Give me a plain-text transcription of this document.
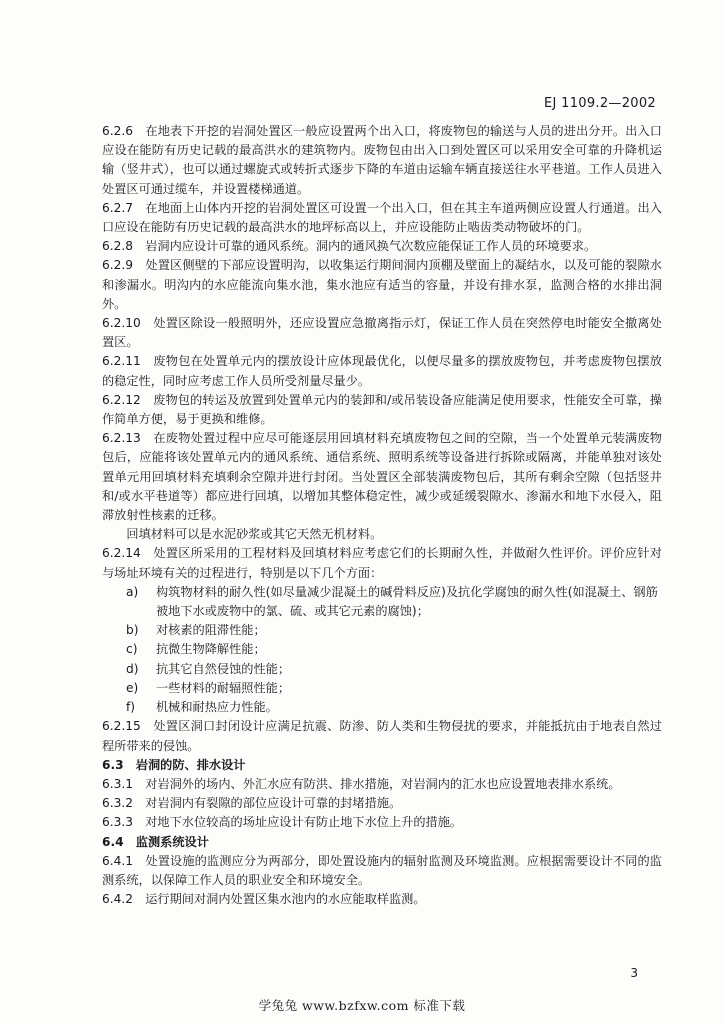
EJ 1109.2—2002

6.2.6　在地表下开挖的岩洞处置区一般应设置两个出入口，将废物包的输送与人员的进出分开。出入口应设在能防有历史记载的最高洪水的建筑物内。废物包由出入口到处置区可以采用安全可靠的升降机运输（竖井式），也可以通过螺旋式或转折式逐步下降的车道由运输车辆直接送往水平巷道。工作人员进入处置区可通过缆车，并设置楼梯通道。

6.2.7　在地面上山体内开挖的岩洞处置区可设置一个出入口，但在其主车道两侧应设置人行通道。出入口应设在能防有历史记载的最高洪水的地坪标高以上，并应设能防止啮齿类动物破坏的门。

6.2.8　岩洞内应设计可靠的通风系统。洞内的通风换气次数应能保证工作人员的环境要求。

6.2.9　处置区侧壁的下部应设置明沟，以收集运行期间洞内顶棚及壁面上的凝结水，以及可能的裂隙水和渗漏水。明沟内的水应能流向集水池，集水池应有适当的容量，并设有排水泵，监测合格的水排出洞外。

6.2.10　处置区除设一般照明外，还应设置应急撤离指示灯，保证工作人员在突然停电时能安全撤离处置区。

6.2.11　废物包在处置单元内的摆放设计应体现最优化，以便尽量多的摆放废物包，并考虑废物包摆放的稳定性，同时应考虑工作人员所受剂量尽量少。

6.2.12　废物包的转运及放置到处置单元内的装卸和/或吊装设备应能满足使用要求，性能安全可靠，操作简单方便，易于更换和维修。

6.2.13　在废物处置过程中应尽可能逐层用回填材料充填废物包之间的空隙，当一个处置单元装满废物包后，应能将该处置单元内的通风系统、通信系统、照明系统等设备进行拆除或隔离，并能单独对该处置单元用回填材料充填剩余空隙并进行封闭。当处置区全部装满废物包后，其所有剩余空隙（包括竖井和/或水平巷道等）都应进行回填，以增加其整体稳定性，减少或延缓裂隙水、渗漏水和地下水侵入，阻滞放射性核素的迁移。

回填材料可以是水泥砂浆或其它天然无机材料。

6.2.14　处置区所采用的工程材料及回填材料应考虑它们的长期耐久性，并做耐久性评价。评价应针对与场址环境有关的过程进行，特别是以下几个方面：

a)	构筑物材料的耐久性(如尽量减少混凝土的碱骨料反应)及抗化学腐蚀的耐久性(如混凝土、钢筋被地下水或废物中的氯、硫、或其它元素的腐蚀)；
b)	对核素的阻滞性能；
c)	抗微生物降解性能；
d)	抗其它自然侵蚀的性能；
e)	一些材料的耐辐照性能；
f)	机械和耐热应力性能。

6.2.15　处置区洞口封闭设计应满足抗震、防渗、防人类和生物侵扰的要求，并能抵抗由于地表自然过程所带来的侵蚀。

6.3　岩洞的防、排水设计

6.3.1　对岩洞外的场内、外汇水应有防洪、排水措施，对岩洞内的汇水也应设置地表排水系统。

6.3.2　对岩洞内有裂隙的部位应设计可靠的封堵措施。

6.3.3　对地下水位较高的场址应设计有防止地下水位上升的措施。

6.4　监测系统设计

6.4.1　处置设施的监测应分为两部分，即处置设施内的辐射监测及环境监测。应根据需要设计不同的监测系统，以保障工作人员的职业安全和环境安全。

6.4.2　运行期间对洞内处置区集水池内的水应能取样监测。

3
学兔兔 www.bzfxw.com 标准下载
